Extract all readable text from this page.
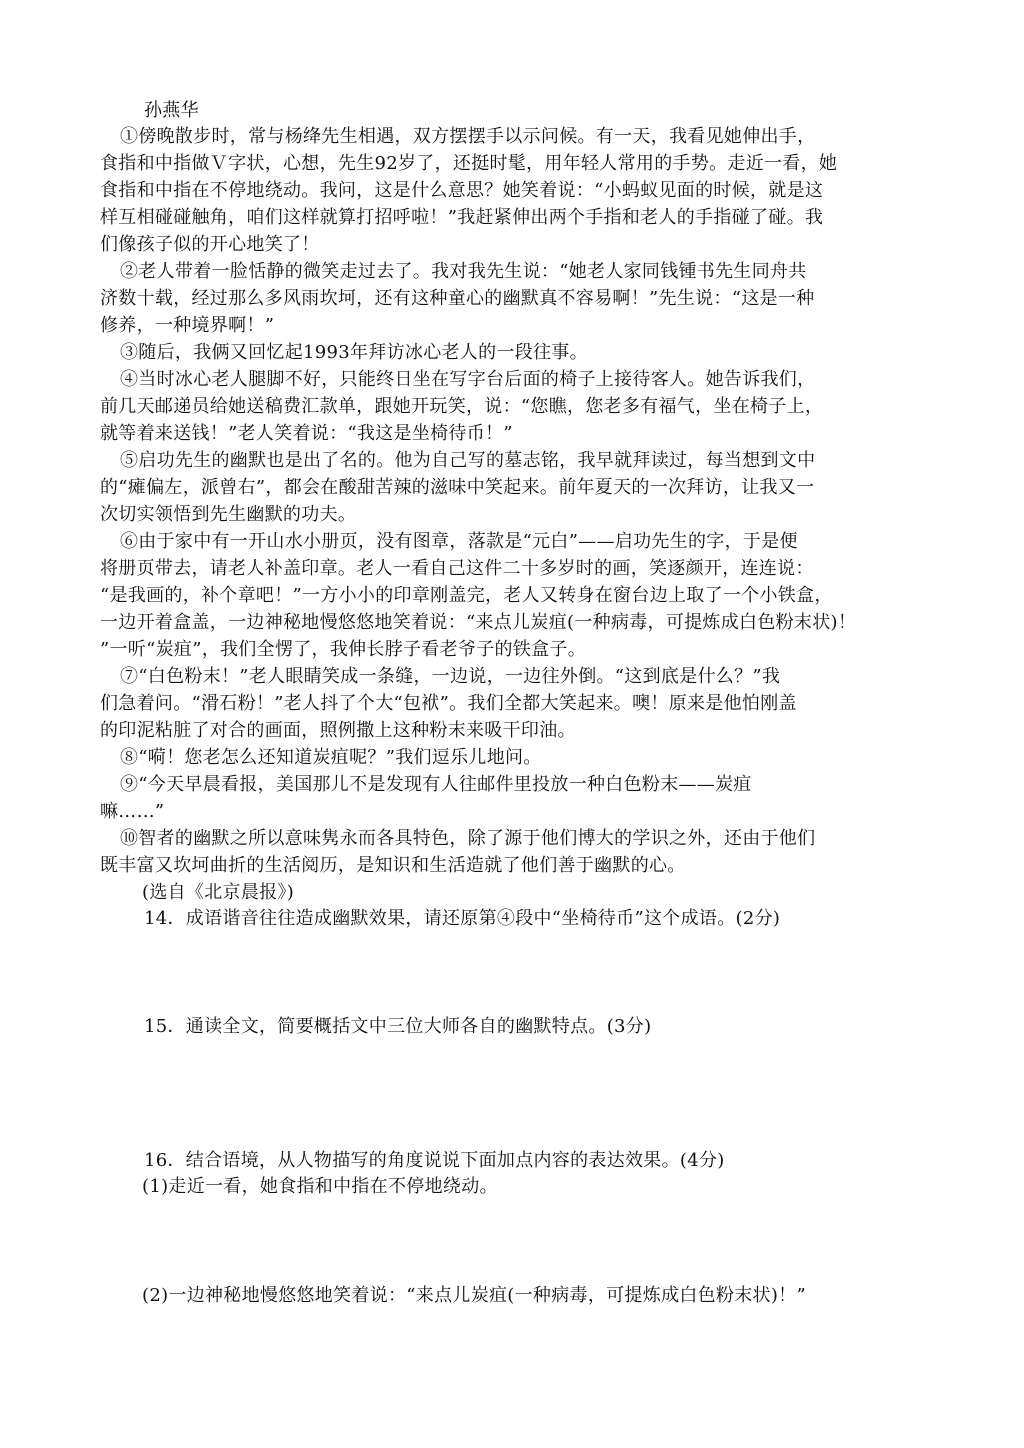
孙燕华
①傍晚散步时，常与杨绛先生相遇，双方摆摆手以示问候。有一天，我看见她伸出手，
食指和中指做Ｖ字状，心想，先生92岁了，还挺时髦，用年轻人常用的手势。走近一看，她
食指和中指在不停地绕动。我问，这是什么意思？她笑着说：“小蚂蚁见面的时候，就是这
样互相碰碰触角，咱们这样就算打招呼啦！”我赶紧伸出两个手指和老人的手指碰了碰。我
们像孩子似的开心地笑了！
②老人带着一脸恬静的微笑走过去了。我对我先生说：“她老人家同钱锺书先生同舟共
济数十载，经过那么多风雨坎坷，还有这种童心的幽默真不容易啊！”先生说：“这是一种
修养，一种境界啊！”
③随后，我俩又回忆起1993年拜访冰心老人的一段往事。
④当时冰心老人腿脚不好，只能终日坐在写字台后面的椅子上接待客人。她告诉我们，
前几天邮递员给她送稿费汇款单，跟她开玩笑，说：“您瞧，您老多有福气，坐在椅子上，
就等着来送钱！”老人笑着说：“我这是坐椅待币！”
⑤启功先生的幽默也是出了名的。他为自己写的墓志铭，我早就拜读过，每当想到文中
的“瘫偏左，派曾右”，都会在酸甜苦辣的滋味中笑起来。前年夏天的一次拜访，让我又一
次切实领悟到先生幽默的功夫。
⑥由于家中有一开山水小册页，没有图章，落款是“元白”——启功先生的字，于是便
将册页带去，请老人补盖印章。老人一看自己这件二十多岁时的画，笑逐颜开，连连说：
“是我画的，补个章吧！”一方小小的印章刚盖完，老人又转身在窗台边上取了一个小铁盒，
一边开着盒盖，一边神秘地慢悠悠地笑着说：“来点儿炭疽(一种病毒，可提炼成白色粉末状)！
”一听“炭疽”，我们全愣了，我伸长脖子看老爷子的铁盒子。
⑦“白色粉末！”老人眼睛笑成一条缝，一边说，一边往外倒。“这到底是什么？”我
们急着问。“滑石粉！”老人抖了个大“包袱”。我们全都大笑起来。噢！原来是他怕刚盖
的印泥粘脏了对合的画面，照例撒上这种粉末来吸干印油。
⑧“嗬！您老怎么还知道炭疽呢？”我们逗乐儿地问。
⑨“今天早晨看报，美国那儿不是发现有人往邮件里投放一种白色粉末——炭疽
嘛……”
⑩智者的幽默之所以意味隽永而各具特色，除了源于他们博大的学识之外，还由于他们
既丰富又坎坷曲折的生活阅历，是知识和生活造就了他们善于幽默的心。
(选自《北京晨报》)
14．成语谐音往往造成幽默效果，请还原第④段中“坐椅待币”这个成语。(2分)
15．通读全文，简要概括文中三位大师各自的幽默特点。(3分)
16．结合语境，从人物描写的角度说说下面加点内容的表达效果。(4分)
(1)走近一看，她食指和中指在不停地绕动。
(2)一边神秘地慢悠悠地笑着说：“来点儿炭疽(一种病毒，可提炼成白色粉末状)！”
